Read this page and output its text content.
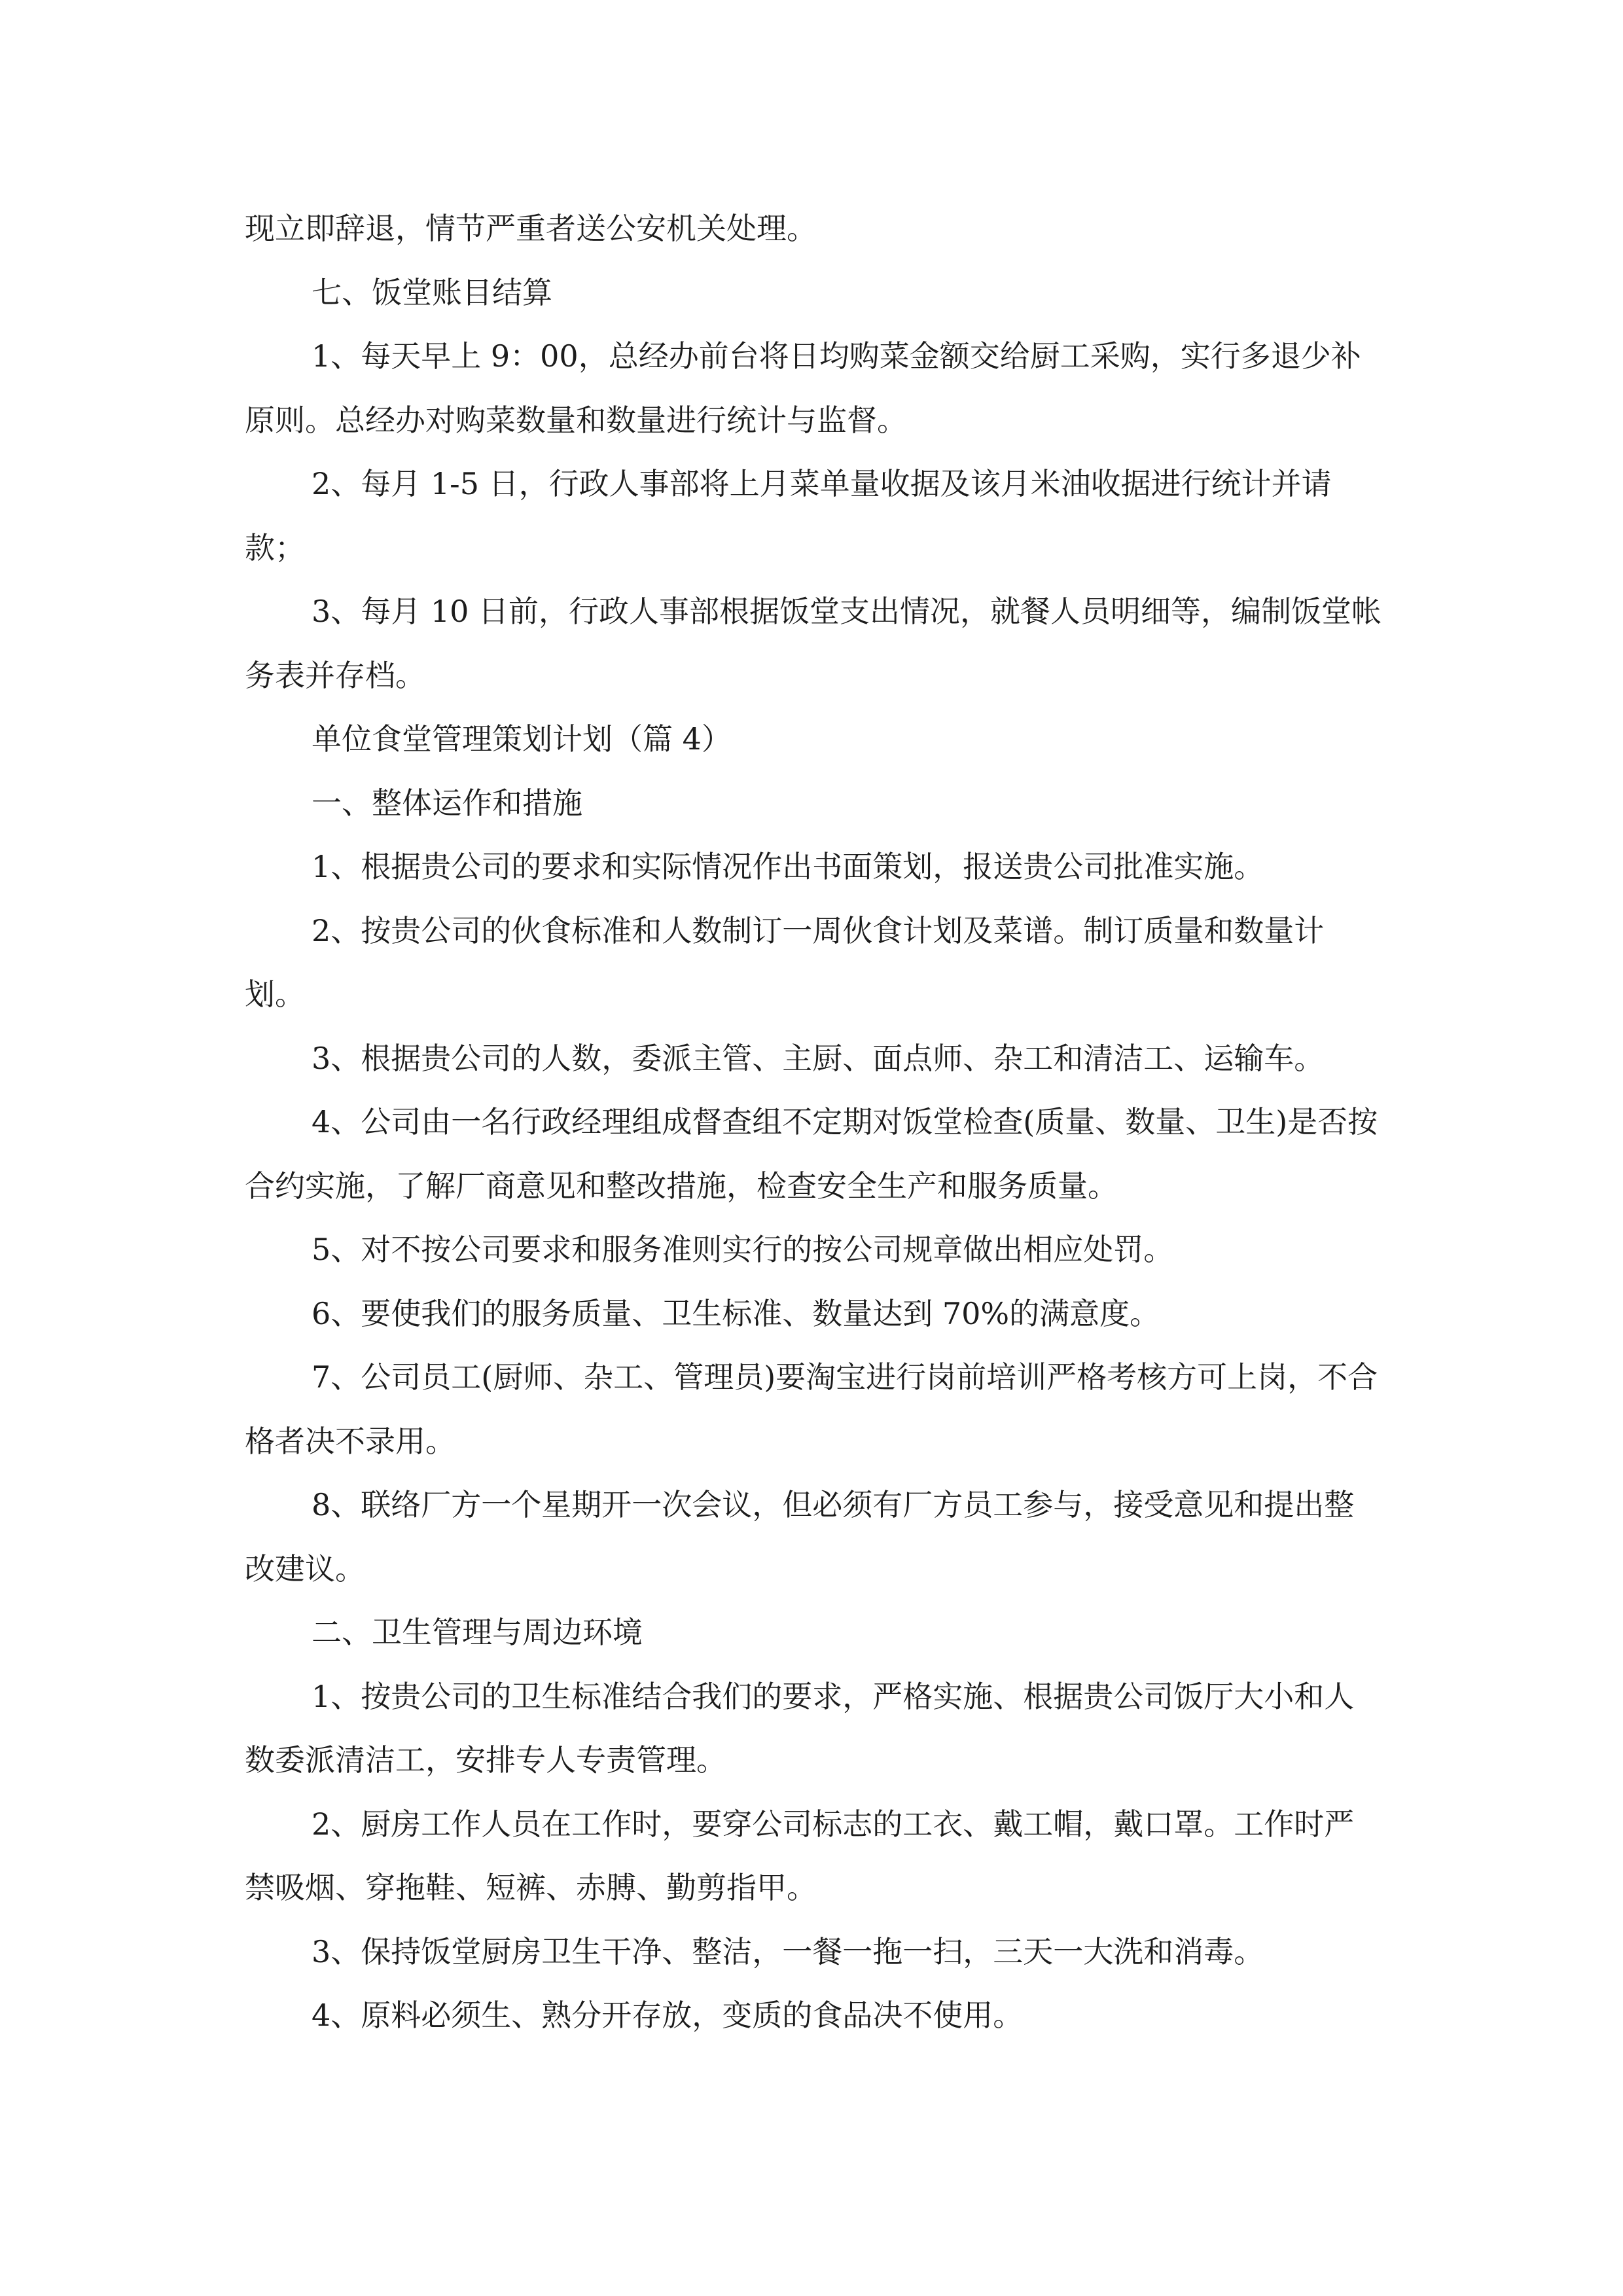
现立即辞退，情节严重者送公安机关处理。

七、饭堂账目结算

1、每天早上 9：00，总经办前台将日均购菜金额交给厨工采购，实行多退少补原则。总经办对购菜数量和数量进行统计与监督。

2、每月 1-5 日，行政人事部将上月菜单量收据及该月米油收据进行统计并请款；

3、每月 10 日前，行政人事部根据饭堂支出情况，就餐人员明细等，编制饭堂帐务表并存档。

单位食堂管理策划计划（篇 4）

一、整体运作和措施

1、根据贵公司的要求和实际情况作出书面策划，报送贵公司批准实施。

2、按贵公司的伙食标准和人数制订一周伙食计划及菜谱。制订质量和数量计划。

3、根据贵公司的人数，委派主管、主厨、面点师、杂工和清洁工、运输车。

4、公司由一名行政经理组成督查组不定期对饭堂检查(质量、数量、卫生)是否按合约实施，了解厂商意见和整改措施，检查安全生产和服务质量。

5、对不按公司要求和服务准则实行的按公司规章做出相应处罚。

6、要使我们的服务质量、卫生标准、数量达到 70%的满意度。

7、公司员工(厨师、杂工、管理员)要淘宝进行岗前培训严格考核方可上岗，不合格者决不录用。

8、联络厂方一个星期开一次会议，但必须有厂方员工参与，接受意见和提出整改建议。

二、卫生管理与周边环境

1、按贵公司的卫生标准结合我们的要求，严格实施、根据贵公司饭厅大小和人数委派清洁工，安排专人专责管理。

2、厨房工作人员在工作时，要穿公司标志的工衣、戴工帽，戴口罩。工作时严禁吸烟、穿拖鞋、短裤、赤膊、勤剪指甲。

3、保持饭堂厨房卫生干净、整洁，一餐一拖一扫，三天一大洗和消毒。

4、原料必须生、熟分开存放，变质的食品决不使用。
